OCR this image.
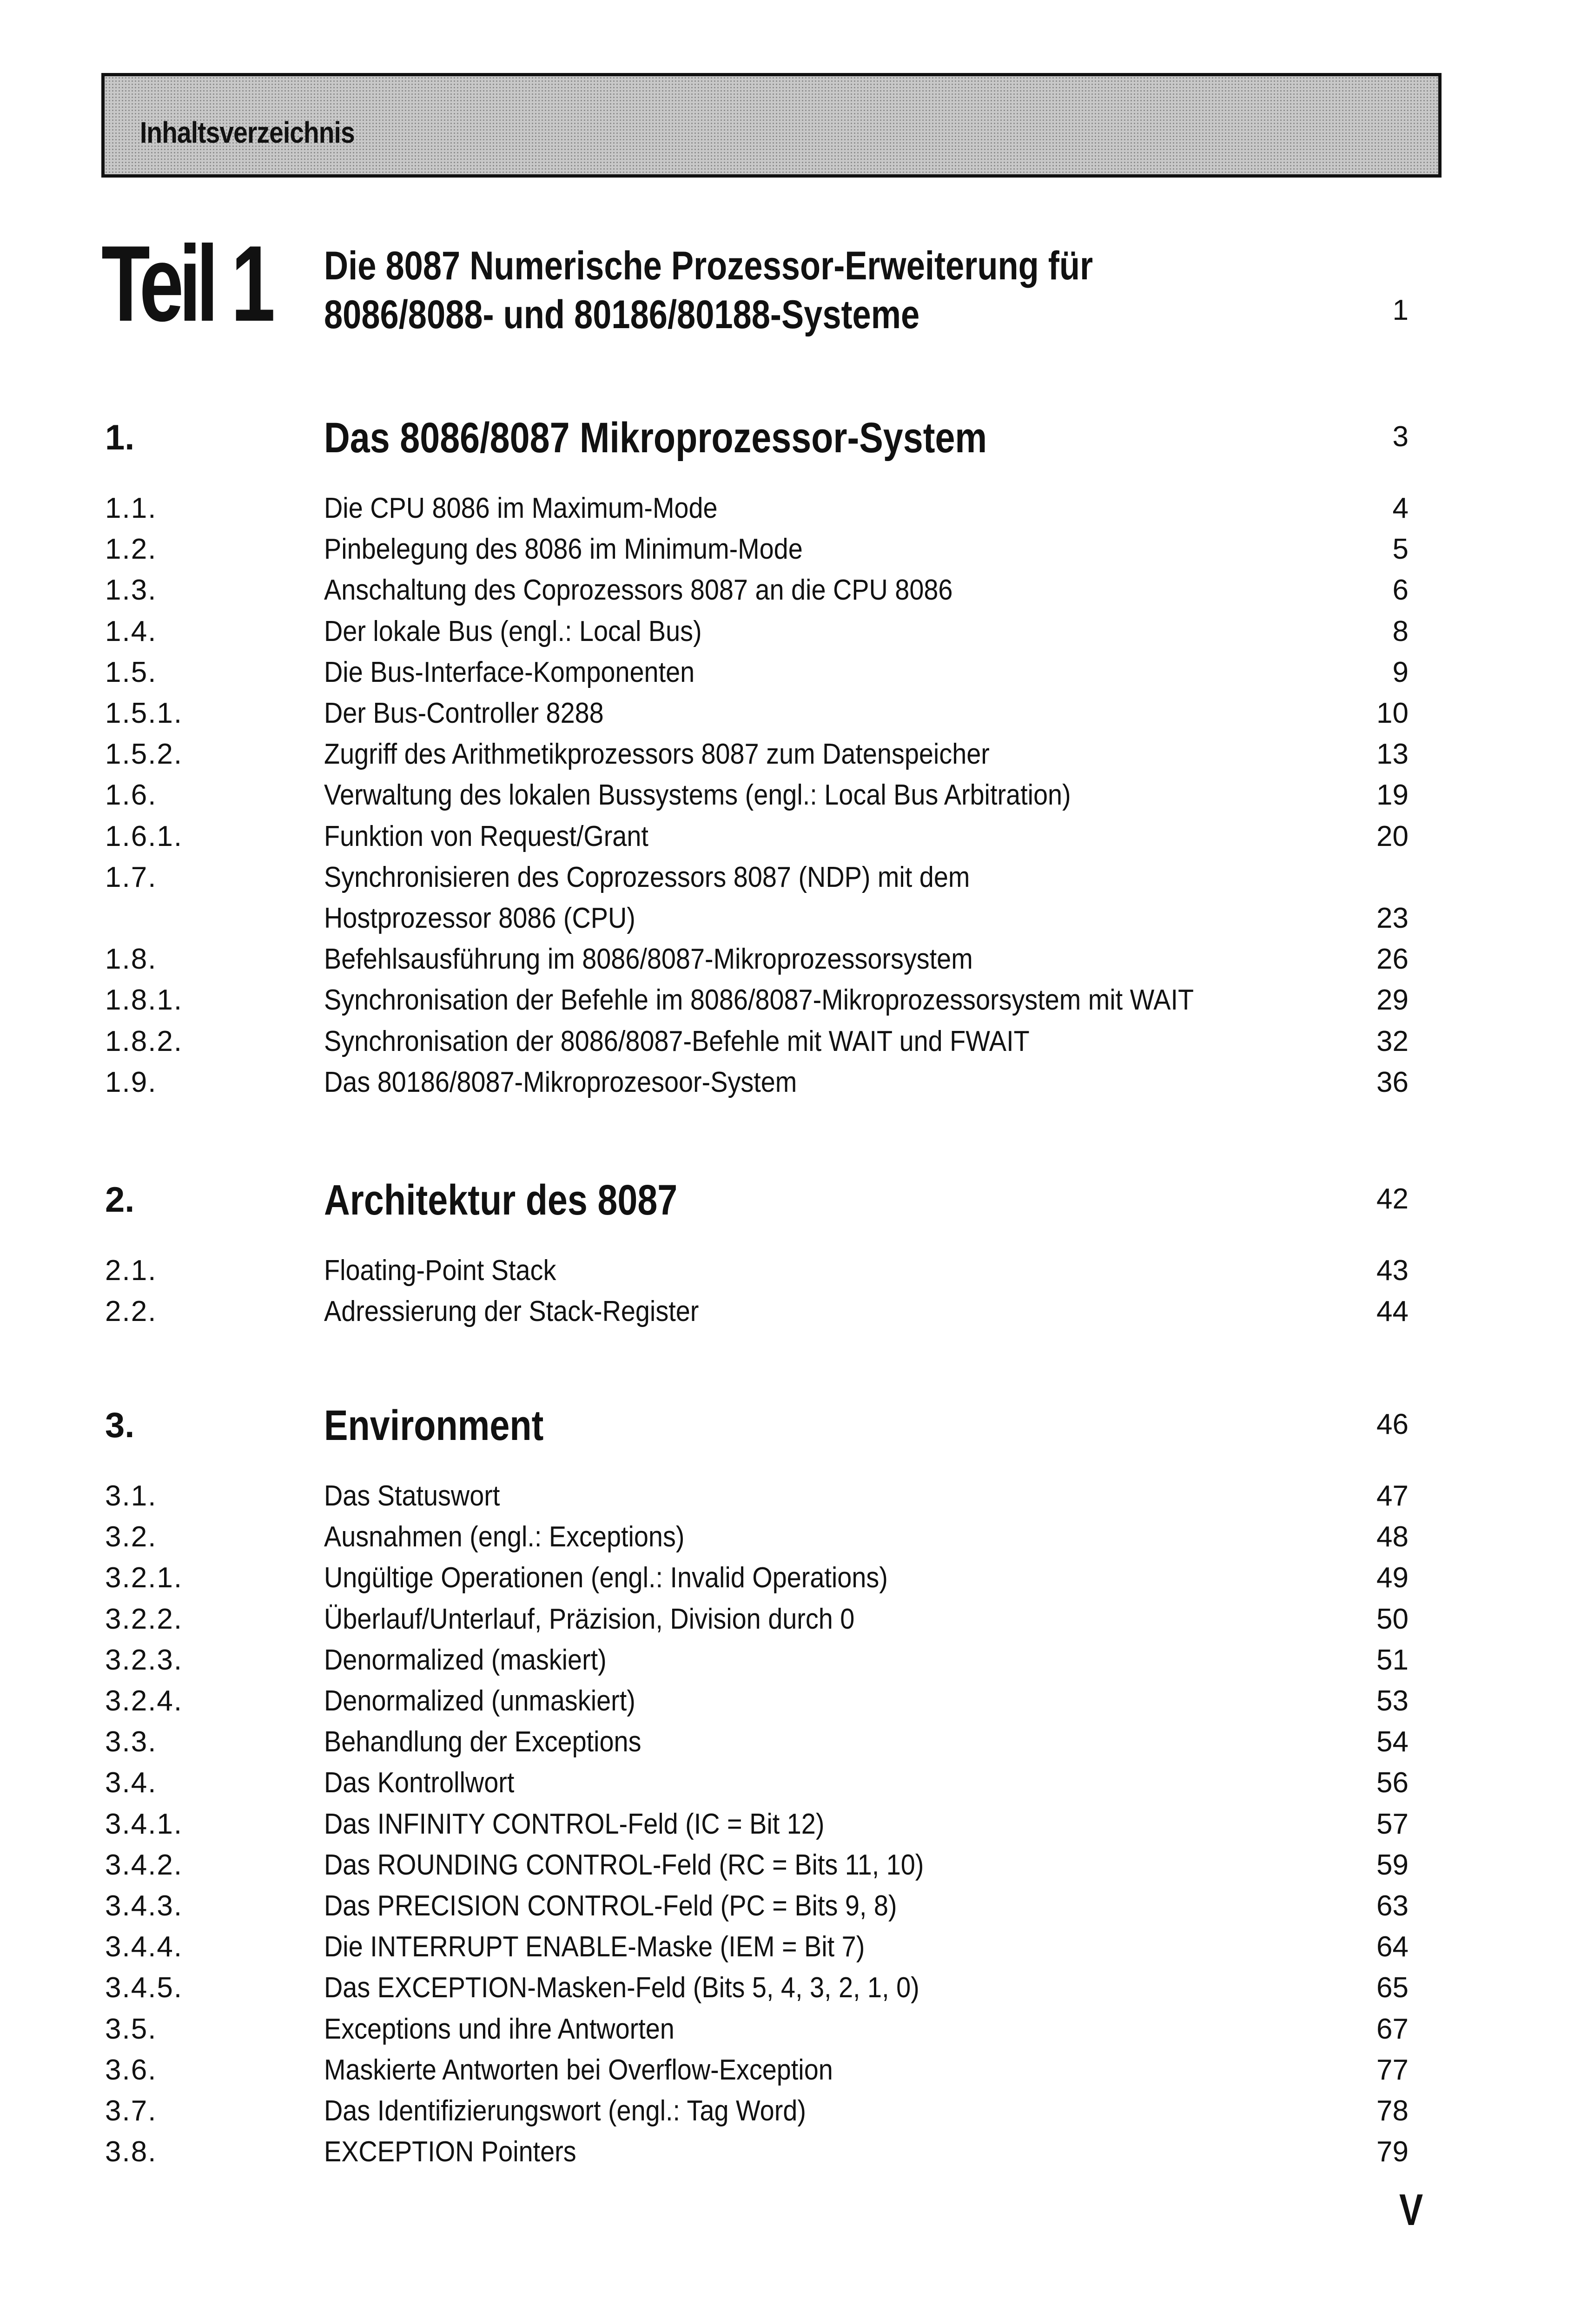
Inhaltsverzeichnis
Teil 1 Die 8087 Numerische Prozessor-Erweiterung für
8086/8088- und 80186/80188-Systeme	1
1.	Das 8086/8087 Mikroprozessor-System	3
1.1.	Die CPU 8086 im Maximum-Mode	4
1.2.	Pinbelegung des 8086 im Minimum-Mode	5
1.3.	Anschaltung des Coprozessors 8087 an die CPU 8086	6
1.4.	Der lokale Bus (engl.: Local Bus)	8
1.5.	Die Bus-Interface-Komponenten	9
1.5.1.	Der Bus-Controller 8288	10
1.5.2.	Zugriff des Arithmetikprozessors 8087 zum Datenspeicher	13
1.6.	Verwaltung des lokalen Bussystems (engl.: Local Bus Arbitration)	19
1.6.1.	Funktion von Request/Grant	20
1.7.	Synchronisieren des Coprozessors 8087 (NDP) mit dem
Hostprozessor 8086 (CPU)	23
1.8.	Befehlsausführung im 8086/8087-Mikroprozessorsystem	26
1.8.1.	Synchronisation der Befehle im 8086/8087-Mikroprozessorsystem mit WAIT	29
1.8.2.	Synchronisation der 8086/8087-Befehle mit WAIT und FWAIT	32
1.9.	Das 80186/8087-Mikroprozesoor-System	36
2.	Architektur des 8087	42
2.1.	Floating-Point Stack	43
2.2.	Adressierung der Stack-Register	44
3.	Environment	46
3.1.	Das Statuswort	47
3.2.	Ausnahmen (engl.: Exceptions)	48
3.2.1.	Ungültige Operationen (engl.: Invalid Operations)	49
3.2.2.	Überlauf/Unterlauf, Präzision, Division durch 0	50
3.2.3.	Denormalized (maskiert)	51
3.2.4.	Denormalized (unmaskiert)	53
3.3.	Behandlung der Exceptions	54
3.4.	Das Kontrollwort	56
3.4.1.	Das INFINITY CONTROL-Feld (IC = Bit 12)	57
3.4.2.	Das ROUNDING CONTROL-Feld (RC = Bits 11, 10)	59
3.4.3.	Das PRECISION CONTROL-Feld (PC = Bits 9, 8)	63
3.4.4.	Die INTERRUPT ENABLE-Maske (IEM = Bit 7)	64
3.4.5.	Das EXCEPTION-Masken-Feld (Bits 5, 4, 3, 2, 1, 0)	65
3.5.	Exceptions und ihre Antworten	67
3.6.	Maskierte Antworten bei Overflow-Exception	77
3.7.	Das Identifizierungswort (engl.: Tag Word)	78
3.8.	EXCEPTION Pointers	79
V
